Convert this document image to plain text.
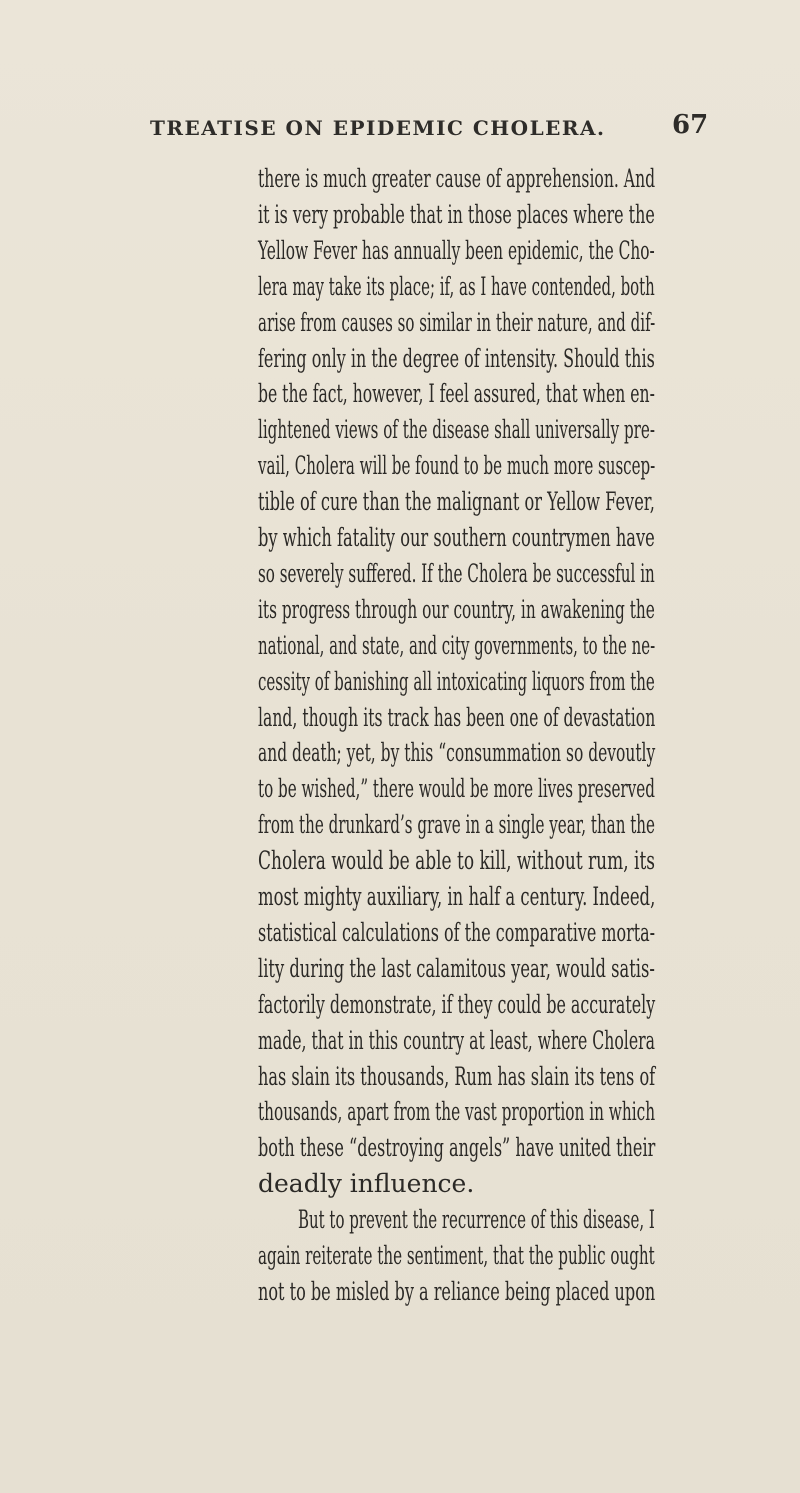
TREATISE ON EPIDEMIC CHOLERA.	67
there is much greater cause of apprehension. And
it is very probable that in those places where the
Yellow Fever has annually been epidemic, the Cho-
lera may take its place; if, as I have contended, both
arise from causes so similar in their nature, and dif-
fering only in the degree of intensity. Should this
be the fact, however, I feel assured, that when en-
lightened views of the disease shall universally pre-
vail, Cholera will be found to be much more suscep-
tible of cure than the malignant or Yellow Fever,
by which fatality our southern countrymen have
so severely suffered. If the Cholera be successful in
its progress through our country, in awakening the
national, and state, and city governments, to the ne-
cessity of banishing all intoxicating liquors from the
land, though its track has been one of devastation
and death; yet, by this “consummation so devoutly
to be wished,” there would be more lives preserved
from the drunkard’s grave in a single year, than the
Cholera would be able to kill, without rum, its
most mighty auxiliary, in half a century. Indeed,
statistical calculations of the comparative morta-
lity during the last calamitous year, would satis-
factorily demonstrate, if they could be accurately
made, that in this country at least, where Cholera
has slain its thousands, Rum has slain its tens of
thousands, apart from the vast proportion in which
both these “destroying angels” have united their
deadly influence.
But to prevent the recurrence of this disease, I
again reiterate the sentiment, that the public ought
not to be misled by a reliance being placed upon
